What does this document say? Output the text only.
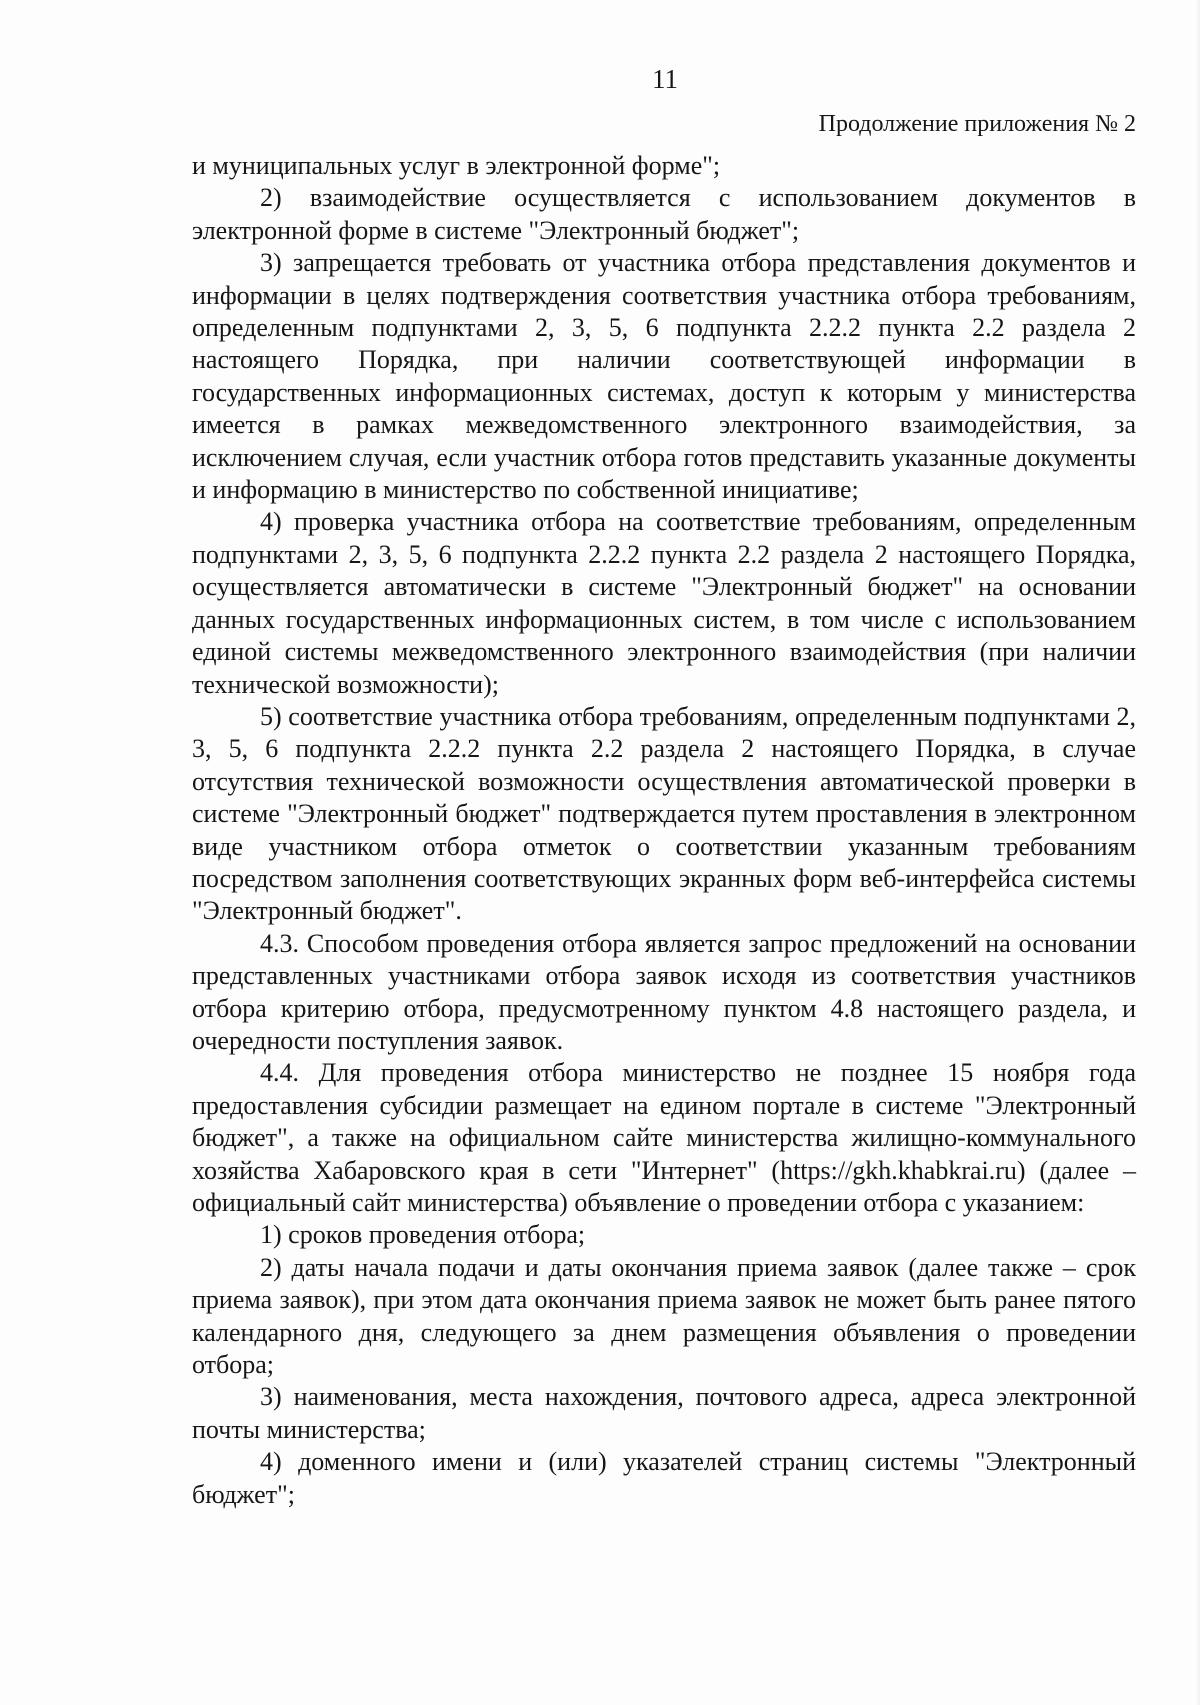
11
Продолжение приложения № 2

и муниципальных услуг в электронной форме";

2) взаимодействие осуществляется с использованием документов в электронной форме в системе "Электронный бюджет";

3) запрещается требовать от участника отбора представления документов и информации в целях подтверждения соответствия участника отбора требованиям, определенным подпунктами 2, 3, 5, 6 подпункта 2.2.2 пункта 2.2 раздела 2 настоящего Порядка, при наличии соответствующей информации в государственных информационных системах, доступ к которым у министерства имеется в рамках межведомственного электронного взаимодействия, за исключением случая, если участник отбора готов представить указанные документы и информацию в министерство по собственной инициативе;

4) проверка участника отбора на соответствие требованиям, определенным подпунктами 2, 3, 5, 6 подпункта 2.2.2 пункта 2.2 раздела 2 настоящего Порядка, осуществляется автоматически в системе "Электронный бюджет" на основании данных государственных информационных систем, в том числе с использованием единой системы межведомственного электронного взаимодействия (при наличии технической возможности);

5) соответствие участника отбора требованиям, определенным подпунктами 2, 3, 5, 6 подпункта 2.2.2 пункта 2.2 раздела 2 настоящего Порядка, в случае отсутствия технической возможности осуществления автоматической проверки в системе "Электронный бюджет" подтверждается путем проставления в электронном виде участником отбора отметок о соответствии указанным требованиям посредством заполнения соответствующих экранных форм веб-интерфейса системы "Электронный бюджет".

4.3. Способом проведения отбора является запрос предложений на основании представленных участниками отбора заявок исходя из соответствия участников отбора критерию отбора, предусмотренному пунктом 4.8 настоящего раздела, и очередности поступления заявок.

4.4. Для проведения отбора министерство не позднее 15 ноября года предоставления субсидии размещает на едином портале в системе "Электронный бюджет", а также на официальном сайте министерства жилищно-коммунального хозяйства Хабаровского края в сети "Интернет" (https://gkh.khabkrai.ru) (далее – официальный сайт министерства) объявление о проведении отбора с указанием:

1) сроков проведения отбора;

2) даты начала подачи и даты окончания приема заявок (далее также – срок приема заявок), при этом дата окончания приема заявок не может быть ранее пятого календарного дня, следующего за днем размещения объявления о проведении отбора;

3) наименования, места нахождения, почтового адреса, адреса электронной почты министерства;

4) доменного имени и (или) указателей страниц системы "Электронный бюджет";
